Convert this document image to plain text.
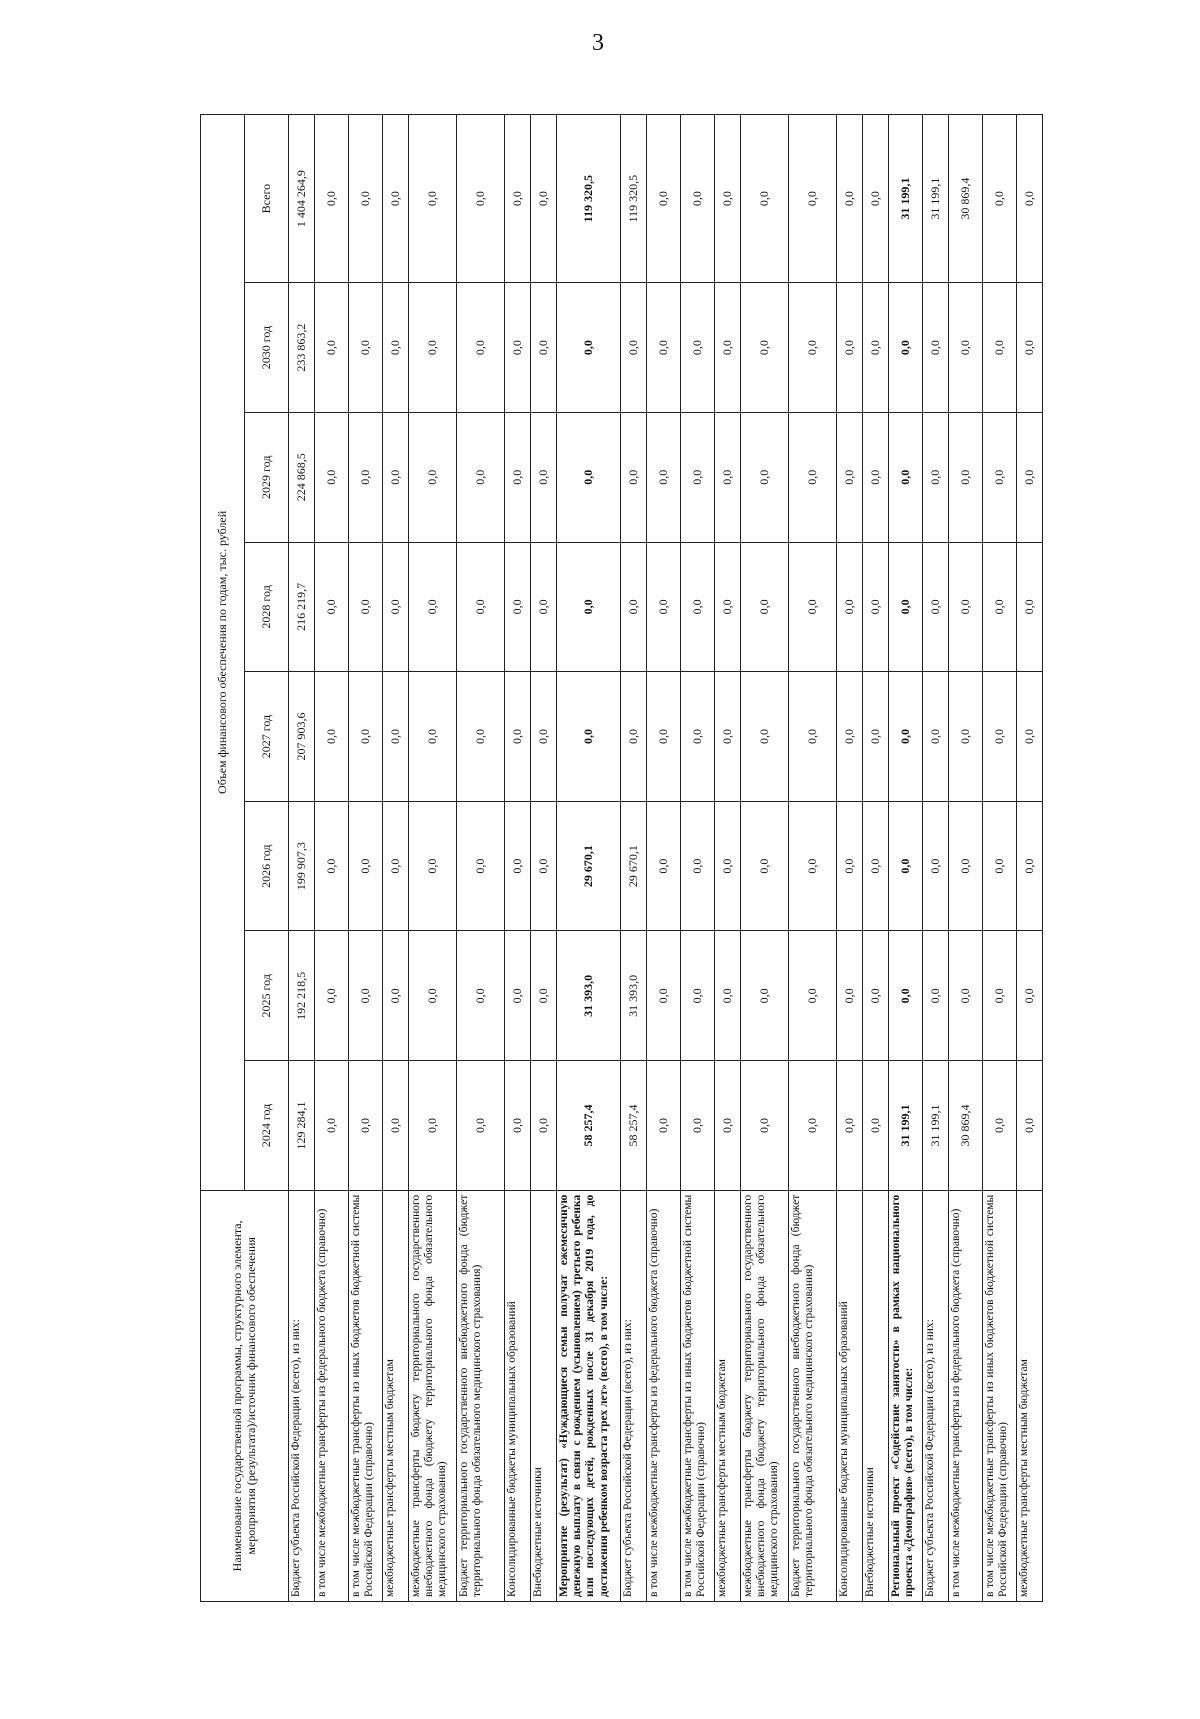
3
Наименование государственной программы, структурного элемента, мероприятия (результата)/источник финансового обеспечения	Объем финансового обеспечения по годам, тыс. рублей							
	2024 год	2025 год	2026 год	2027 год	2028 год	2029 год	2030 год	Всего
Бюджет субъекта Российской Федерации (всего), из них:	129 284,1	192 218,5	199 907,3	207 903,6	216 219,7	224 868,5	233 863,2	1 404 264,9
в том числе межбюджетные трансферты из федерального бюджета (справочно)	0,0	0,0	0,0	0,0	0,0	0,0	0,0	0,0
в том числе межбюджетные трансферты из иных бюджетов бюджетной системы Российской Федерации (справочно)	0,0	0,0	0,0	0,0	0,0	0,0	0,0	0,0
межбюджетные трансферты местным бюджетам	0,0	0,0	0,0	0,0	0,0	0,0	0,0	0,0
межбюджетные трансферты бюджету территориального государственного внебюджетного фонда (бюджету территориального фонда обязательного медицинского страхования)	0,0	0,0	0,0	0,0	0,0	0,0	0,0	0,0
Бюджет территориального государственного внебюджетного фонда (бюджет территориального фонда обязательного медицинского страхования)	0,0	0,0	0,0	0,0	0,0	0,0	0,0	0,0
Консолидированные бюджеты муниципальных образований	0,0	0,0	0,0	0,0	0,0	0,0	0,0	0,0
Внебюджетные источники	0,0	0,0	0,0	0,0	0,0	0,0	0,0	0,0
Мероприятие (результат) «Нуждающиеся семьи получат ежемесячную денежную выплату в связи с рождением (усыновлением) третьего ребенка или последующих детей, рожденных после 31 декабря 2019 года, до достижения ребенком возраста трех лет» (всего), в том числе:	58 257,4	31 393,0	29 670,1	0,0	0,0	0,0	0,0	119 320,5
Бюджет субъекта Российской Федерации (всего), из них:	58 257,4	31 393,0	29 670,1	0,0	0,0	0,0	0,0	119 320,5
в том числе межбюджетные трансферты из федерального бюджета (справочно)	0,0	0,0	0,0	0,0	0,0	0,0	0,0	0,0
в том числе межбюджетные трансферты из иных бюджетов бюджетной системы Российской Федерации (справочно)	0,0	0,0	0,0	0,0	0,0	0,0	0,0	0,0
межбюджетные трансферты местным бюджетам	0,0	0,0	0,0	0,0	0,0	0,0	0,0	0,0
межбюджетные трансферты бюджету территориального государственного внебюджетного фонда (бюджету территориального фонда обязательного медицинского страхования)	0,0	0,0	0,0	0,0	0,0	0,0	0,0	0,0
Бюджет территориального государственного внебюджетного фонда (бюджет территориального фонда обязательного медицинского страхования)	0,0	0,0	0,0	0,0	0,0	0,0	0,0	0,0
Консолидированные бюджеты муниципальных образований	0,0	0,0	0,0	0,0	0,0	0,0	0,0	0,0
Внебюджетные источники	0,0	0,0	0,0	0,0	0,0	0,0	0,0	0,0
Региональный проект «Содействие занятости» в рамках национального проекта «Демография» (всего), в том числе:	31 199,1	0,0	0,0	0,0	0,0	0,0	0,0	31 199,1
Бюджет субъекта Российской Федерации (всего), из них:	31 199,1	0,0	0,0	0,0	0,0	0,0	0,0	31 199,1
в том числе межбюджетные трансферты из федерального бюджета (справочно)	30 869,4	0,0	0,0	0,0	0,0	0,0	0,0	30 869,4
в том числе межбюджетные трансферты из иных бюджетов бюджетной системы Российской Федерации (справочно)	0,0	0,0	0,0	0,0	0,0	0,0	0,0	0,0
межбюджетные трансферты местным бюджетам	0,0	0,0	0,0	0,0	0,0	0,0	0,0	0,0
